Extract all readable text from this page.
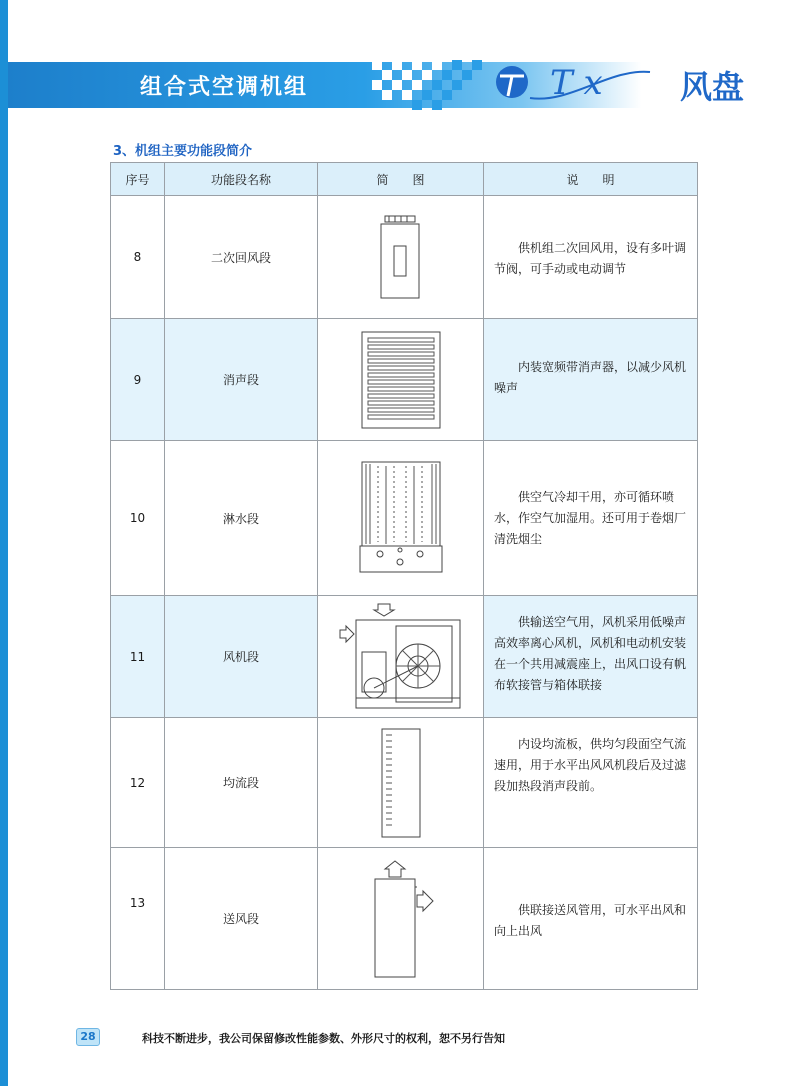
组合式空调机组	T x 风盘
3、机组主要功能段简介
序号	功能段名称	简　　图	说　　明
8	二次回风段		供机组二次回风用，设有多叶调节阀，可手动或电动调节

9	消声段		内装宽频带消声器，以减少风机噪声

10	淋水段		供空气冷却干用，亦可循环喷水，作空气加湿用。还可用于卷烟厂清洗烟尘

11	风机段		供输送空气用，风机采用低噪声高效率离心风机，风机和电动机安装在一个共用减震座上，出风口设有帆布软接管与箱体联接

12	均流段		内设均流板，供均匀段面空气流速用，用于水平出风风机段后及过滤段加热段消声段前。

13	送风段		供联接送风管用，可水平出风和向上出风
28	科技不断进步，我公司保留修改性能参数、外形尺寸的权利，恕不另行告知
